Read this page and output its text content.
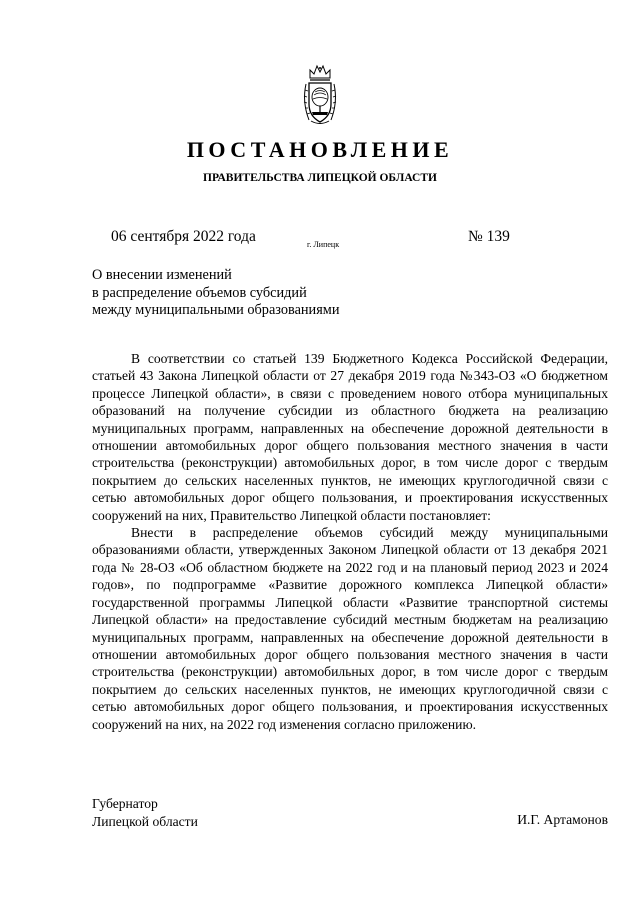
ПОСТАНОВЛЕНИЕ
ПРАВИТЕЛЬСТВА ЛИПЕЦКОЙ ОБЛАСТИ
06 сентября 2022 года	г. Липецк	№ 139
О внесении изменений
в распределение объемов субсидий
между муниципальными образованиями

В соответствии со статьей 139 Бюджетного Кодекса Российской Федерации, статьей 43 Закона Липецкой области от 27 декабря 2019 года №343-ОЗ «О бюджетном процессе Липецкой области», в связи с проведением нового отбора муниципальных образований на получение субсидии из областного бюджета на реализацию муниципальных программ, направленных на обеспечение дорожной деятельности в отношении автомобильных дорог общего пользования местного значения в части строительства (реконструкции) автомобильных дорог, в том числе дорог с твердым покрытием до сельских населенных пунктов, не имеющих круглогодичной связи с сетью автомобильных дорог общего пользования, и проектирования искусственных сооружений на них, Правительство Липецкой области постановляет:

Внести в распределение объемов субсидий между муниципальными образованиями области, утвержденных Законом Липецкой области от 13 декабря 2021 года № 28-ОЗ «Об областном бюджете на 2022 год и на плановый период 2023 и 2024 годов», по подпрограмме «Развитие дорожного комплекса Липецкой области» государственной программы Липецкой области «Развитие транспортной системы Липецкой области» на предоставление субсидий местным бюджетам на реализацию муниципальных программ, направленных на обеспечение дорожной деятельности в отношении автомобильных дорог общего пользования местного значения в части строительства (реконструкции) автомобильных дорог, в том числе дорог с твердым покрытием до сельских населенных пунктов, не имеющих круглогодичной связи с сетью автомобильных дорог общего пользования, и проектирования искусственных сооружений на них, на 2022 год изменения согласно приложению.

Губернатор
Липецкой области	И.Г. Артамонов
